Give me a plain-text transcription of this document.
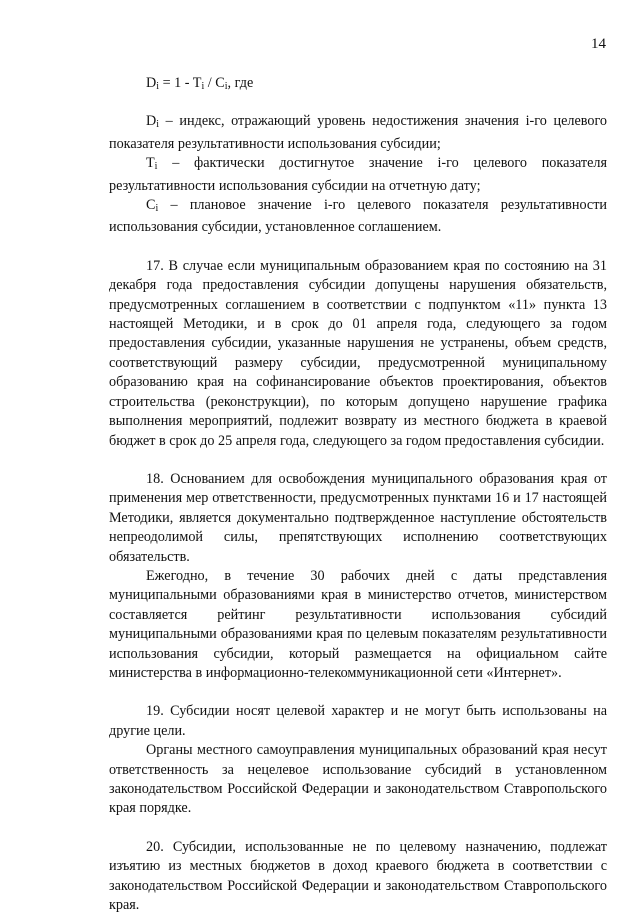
14

$D_i = 1 - T_i / C_i$, где

$D_i$ – индекс, отражающий уровень недостижения значения i-го целевого показателя результативности использования субсидии;

$T_i$ – фактически достигнутое значение i-го целевого показателя результативности использования субсидии на отчетную дату;

$C_i$ – плановое значение i-го целевого показателя результативности использования субсидии, установленное соглашением.

17. В случае если муниципальным образованием края по состоянию на 31 декабря года предоставления субсидии допущены нарушения обязательств, предусмотренных соглашением в соответствии с подпунктом «11» пункта 13 настоящей Методики, и в срок до 01 апреля года, следующего за годом предоставления субсидии, указанные нарушения не устранены, объем средств, соответствующий размеру субсидии, предусмотренной муниципальному образованию края на софинансирование объектов проектирования, объектов строительства (реконструкции), по которым допущено нарушение графика выполнения мероприятий, подлежит возврату из местного бюджета в краевой бюджет в срок до 25 апреля года, следующего за годом предоставления субсидии.

18. Основанием для освобождения муниципального образования края от применения мер ответственности, предусмотренных пунктами 16 и 17 настоящей Методики, является документально подтвержденное наступление обстоятельств непреодолимой силы, препятствующих исполнению соответствующих обязательств.

Ежегодно, в течение 30 рабочих дней с даты представления муниципальными образованиями края в министерство отчетов, министерством составляется рейтинг результативности использования субсидий муниципальными образованиями края по целевым показателям результативности использования субсидии, который размещается на официальном сайте министерства в информационно-телекоммуникационной сети «Интернет».

19. Субсидии носят целевой характер и не могут быть использованы на другие цели.

Органы местного самоуправления муниципальных образований края несут ответственность за нецелевое использование субсидий в установленном законодательством Российской Федерации и законодательством Ставропольского края порядке.

20. Субсидии, использованные не по целевому назначению, подлежат изъятию из местных бюджетов в доход краевого бюджета в соответствии с законодательством Российской Федерации и законодательством Ставропольского края.
